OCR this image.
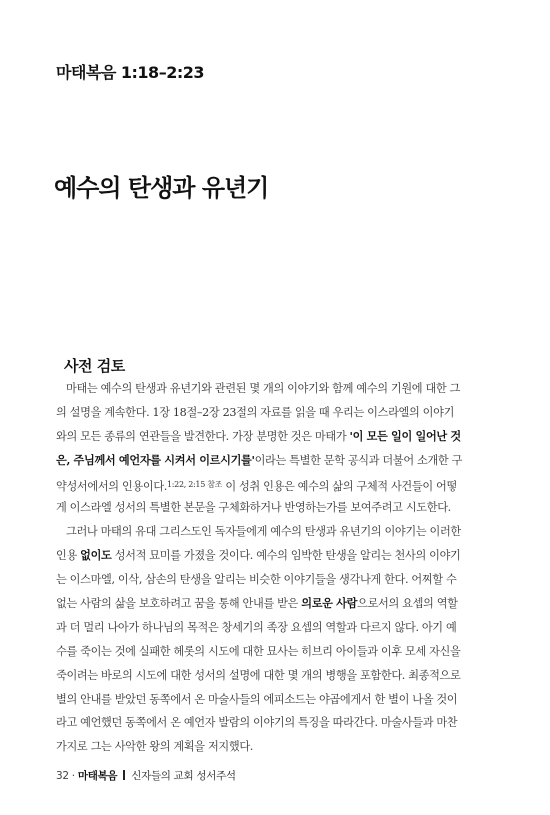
마태복음 1:18–2:23
예수의 탄생과 유년기
사전 검토
마태는 예수의 탄생과 유년기와 관련된 몇 개의 이야기와 함께 예수의 기원에 대한 그
의 설명을 계속한다. 1장 18절–2장 23절의 자료를 읽을 때 우리는 이스라엘의 이야기
와의 모든 종류의 연관들을 발견한다. 가장 분명한 것은 마태가 '이 모든 일이 일어난 것
은, 주님께서 예언자를 시켜서 이르시기를'이라는 특별한 문학 공식과 더불어 소개한 구
약성서에서의 인용이다.$^{1:22, 2:15 참조}$ 이 성취 인용은 예수의 삶의 구체적 사건들이 어떻
게 이스라엘 성서의 특별한 본문을 구체화하거나 반영하는가를 보여주려고 시도한다.
그러나 마태의 유대 그리스도인 독자들에게 예수의 탄생과 유년기의 이야기는 이러한
인용 없이도 성서적 묘미를 가졌을 것이다. 예수의 임박한 탄생을 알리는 천사의 이야기
는 이스마엘, 이삭, 삼손의 탄생을 알리는 비슷한 이야기들을 생각나게 한다. 어찌할 수
없는 사람의 삶을 보호하려고 꿈을 통해 안내를 받은 의로운 사람으로서의 요셉의 역할
과 더 멀리 나아가 하나님의 목적은 창세기의 족장 요셉의 역할과 다르지 않다. 아기 예
수를 죽이는 것에 실패한 헤롯의 시도에 대한 묘사는 히브리 아이들과 이후 모세 자신을
죽이려는 바로의 시도에 대한 성서의 설명에 대한 몇 개의 병행을 포함한다. 최종적으로
별의 안내를 받았던 동쪽에서 온 마술사들의 에피소드는 야곱에게서 한 별이 나올 것이
라고 예언했던 동쪽에서 온 예언자 발람의 이야기의 특징을 따라간다. 마술사들과 마찬
가지로 그는 사악한 왕의 계획을 저지했다.
32 · 마태복음 신자들의 교회 성서주석
